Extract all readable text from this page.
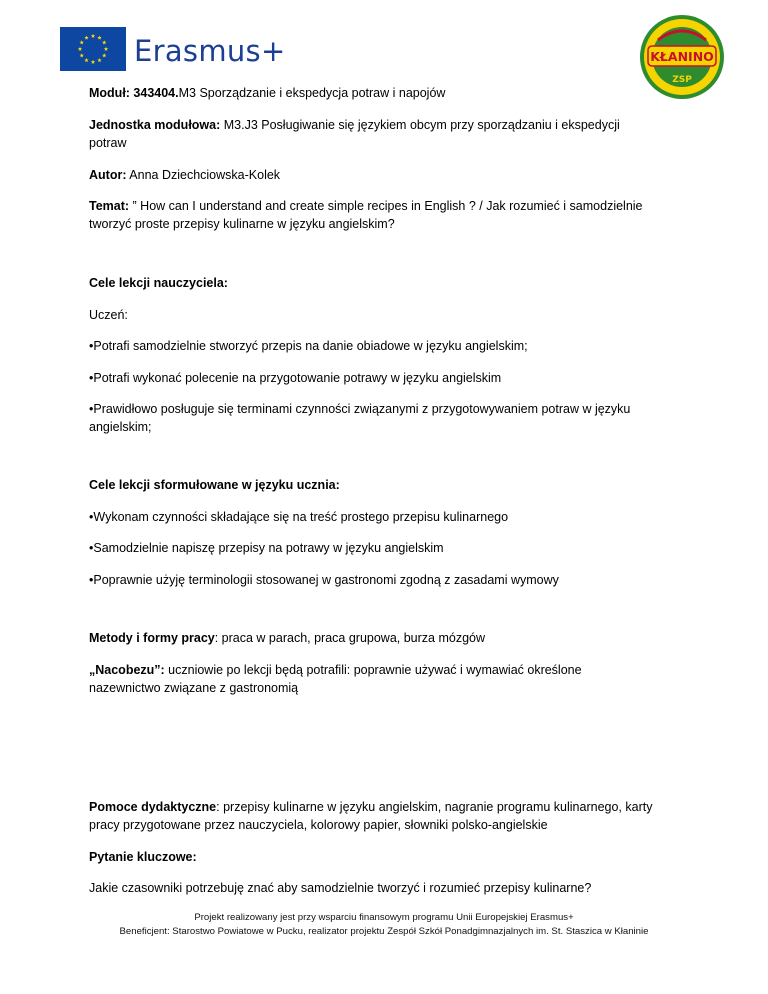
Erasmus+	KŁANINO
ZSP

Moduł: 343404.M3 Sporządzanie i ekspedycja potraw i napojów

Jednostka modułowa: M3.J3 Posługiwanie się językiem obcym przy sporządzaniu i ekspedycji

potraw

Autor: Anna Dziechciowska-Kolek

Temat: ” How can I understand and create simple recipes in English ? / Jak rozumieć i samodzielnie

tworzyć proste przepisy kulinarne w języku angielskim?

Cele lekcji nauczyciela:

Uczeń:

•Potrafi samodzielnie stworzyć przepis na danie obiadowe w języku angielskim;

•Potrafi wykonać polecenie na przygotowanie potrawy w języku angielskim

•Prawidłowo posługuje się terminami czynności związanymi z przygotowywaniem potraw w języku

angielskim;

Cele lekcji sformułowane w języku ucznia:

•Wykonam czynności składające się na treść prostego przepisu kulinarnego

•Samodzielnie napiszę przepisy na potrawy w języku angielskim

•Poprawnie użyję terminologii stosowanej w gastronomi zgodną z zasadami wymowy

Metody i formy pracy: praca w parach, praca grupowa, burza mózgów

„Nacobezu”: uczniowie po lekcji będą potrafili: poprawnie używać i wymawiać określone

nazewnictwo związane z gastronomią

Pomoce dydaktyczne: przepisy kulinarne w języku angielskim, nagranie programu kulinarnego, karty

pracy przygotowane przez nauczyciela, kolorowy papier, słowniki polsko-angielskie

Pytanie kluczowe:

Jakie czasowniki potrzebuję znać aby samodzielnie tworzyć i rozumieć przepisy kulinarne?

Projekt realizowany jest przy wsparciu finansowym programu Unii Europejskiej Erasmus+
Beneficjent: Starostwo Powiatowe w Pucku, realizator projektu Zespół Szkół Ponadgimnazjalnych im. St. Staszica w Kłaninie
